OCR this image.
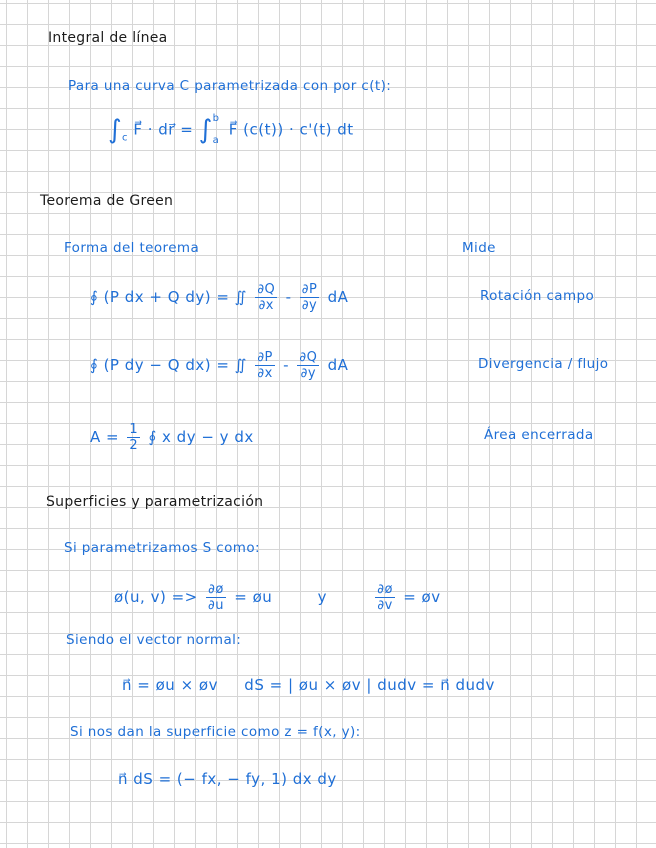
Integral de línea
Para una curva C parametrizada con por c(t):
$\int_c$ F⃗ · dr⃗ = ∫ b
a
F⃗ (c(t)) · c'(t) dt
Teorema de Green
Forma del teorema	Mide
∮ (P dx + Q dy) = ∬ $\frac{\partial Q}{\partial x} - \frac{\partial P}{\partial y}$ dA	Rotación campo
∮ (P dy − Q dx) = ∬ $\frac{\partial P}{\partial x} - \frac{\partial Q}{\partial y}$ dA	Divergencia / flujo
$A = \frac{1}{2}$ ∮ x dy − y dx	Área encerrada
Superficies y parametrización
Si parametrizamos S como:
ø(u, $v) => \frac{\partial ø}{\partial u}$ = øu	y	$\frac{\partial ø}{\partial v}$ = øv
Siendo el vector normal:
n⃗ = øu × øv     dS = | øu × øv | dudv = n⃗ dudv
Si nos dan la superficie como z = f(x, y):
n⃗ dS = (− fx, − fy, 1) dx dy
